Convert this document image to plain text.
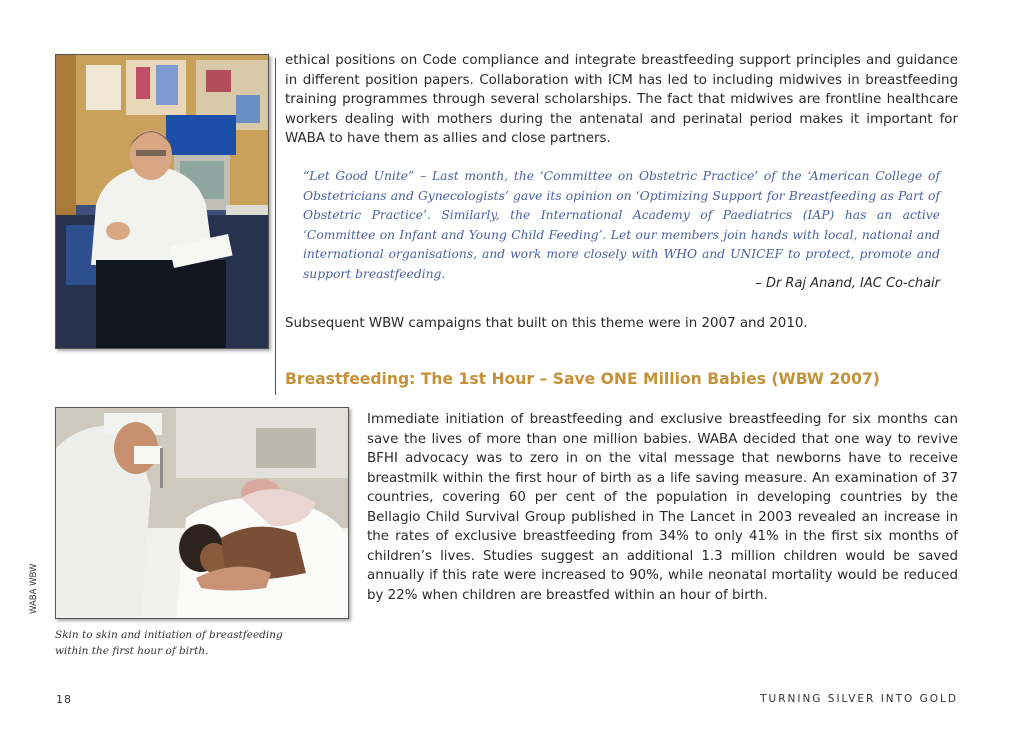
ethical positions on Code compliance and integrate breastfeeding support principles and guidance in different position papers. Collaboration with ICM has led to including midwives in breastfeeding training programmes through several scholarships. The fact that midwives are frontline healthcare workers dealing with mothers during the antenatal and perinatal period makes it important for WABA to have them as allies and close partners.

“Let Good Unite” – Last month, the ‘Committee on Obstetric Practice’ of the ‘American College of Obstetricians and Gynecologists’ gave its opinion on ‘Optimizing Support for Breastfeeding as Part of Obstetric Practice’. Similarly, the International Academy of Paediatrics (IAP) has an active ‘Committee on Infant and Young Child Feeding’. Let our members join hands with local, national and international organisations, and work more closely with WHO and UNICEF to protect, promote and support breastfeeding.

– Dr Raj Anand, IAC Co-chair

Subsequent WBW campaigns that built on this theme were in 2007 and 2010.

Breastfeeding: The 1st Hour – Save ONE Million Babies (WBW 2007)

Immediate initiation of breastfeeding and exclusive breastfeeding for six months can save the lives of more than one million babies. WABA decided that one way to revive BFHI advocacy was to zero in on the vital message that newborns have to receive breastmilk within the first hour of birth as a life saving measure. An examination of 37 countries, covering 60 per cent of the population in developing countries by the Bellagio Child Survival Group published in The Lancet in 2003 revealed an increase in the rates of exclusive breastfeeding from 34% to only 41% in the first six months of children’s lives. Studies suggest an additional 1.3 million children would be saved annually if this rate were increased to 90%, while neonatal mortality would be reduced by 22% when children are breastfed within an hour of birth.

WABA WBW

Skin to skin and initiation of breastfeeding within the first hour of birth.

18	TURNING SILVER INTO GOLD
